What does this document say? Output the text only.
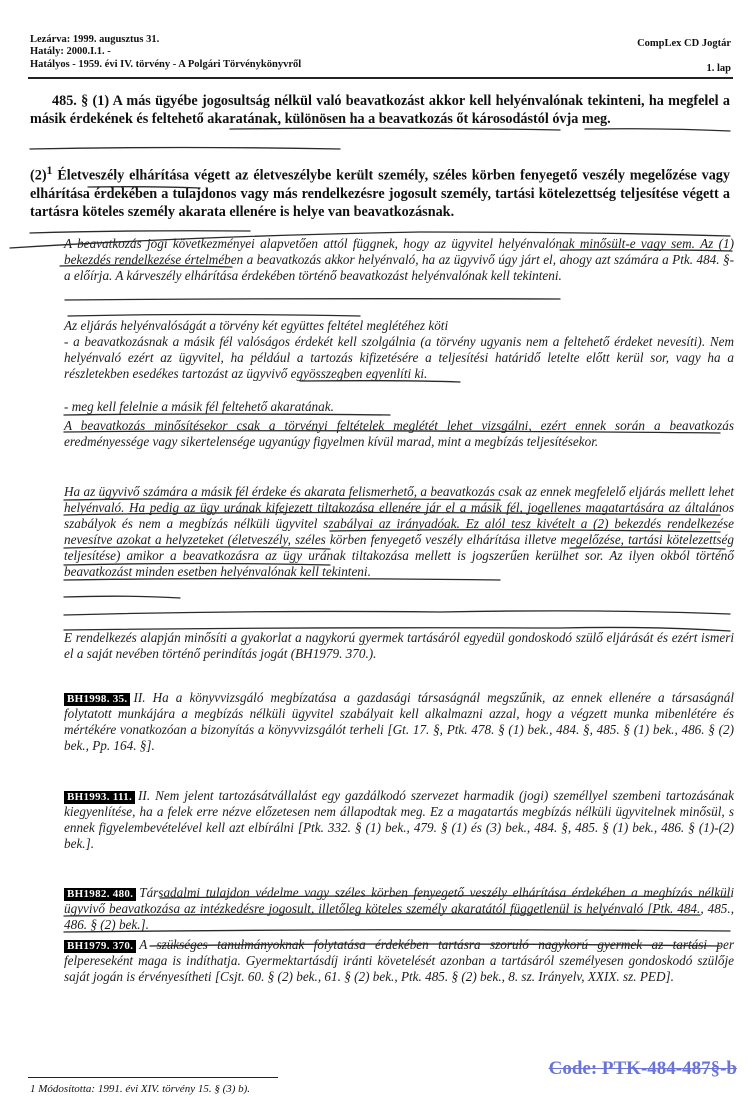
Lezárva: 1999. augusztus 31.
Hatály: 2000.I.1. -
Hatályos - 1959. évi IV. törvény - A Polgári Törvénykönyvről
CompLex CD Jogtár
1. lap
485. § (1) A más ügyébe jogosultság nélkül való beavatkozást akkor kell helyénvalónak tekinteni, ha megfelel a másik érdekének és feltehető akaratának, különösen ha a beavatkozás őt károsodástól óvja meg.
$(2)^1$ Életveszély elhárítása végett az életveszélybe került személy, széles körben fenyegető veszély megelőzése vagy elhárítása érdekében a tulajdonos vagy más rendelkezésre jogosult személy, tartási kötelezettség teljesítése végett a tartásra köteles személy akarata ellenére is helye van beavatkozásnak.
A beavatkozás jogi következményei alapvetően attól függnek, hogy az ügyvitel helyénvalónak minősült-e vagy sem. Az (1) bekezdés rendelkezése értelmében a beavatkozás akkor helyénvaló, ha az ügyvivő úgy járt el, ahogy azt számára a Ptk. 484. §-a előírja. A kárveszély elhárítása érdekében történő beavatkozást helyénvalónak kell tekinteni.
Az eljárás helyénvalóságát a törvény két együttes feltétel meglétéhez köti
- a beavatkozásnak a másik fél valóságos érdekét kell szolgálnia (a törvény ugyanis nem a feltehető érdeket nevesíti). Nem helyénvaló ezért az ügyvitel, ha például a tartozás kifizetésére a teljesítési határidő letelte előtt kerül sor, vagy ha a részletekben esedékes tartozást az ügyvivő egyösszegben egyenlíti ki.
- meg kell felelnie a másik fél feltehető akaratának.
A beavatkozás minősítésekor csak a törvényi feltételek meglétét lehet vizsgálni, ezért ennek során a beavatkozás eredményessége vagy sikertelensége ugyanúgy figyelmen kívül marad, mint a megbízás teljesítésekor.
Ha az ügyvivő számára a másik fél érdeke és akarata felismerhető, a beavatkozás csak az ennek megfelelő eljárás mellett lehet helyénvaló. Ha pedig az ügy urának kifejezett tiltakozása ellenére jár el a másik fél, jogellenes magatartására az általános szabályok és nem a megbízás nélküli ügyvitel szabályai az irányadóak. Ez alól tesz kivételt a (2) bekezdés rendelkezése nevesítve azokat a helyzeteket (életveszély, széles körben fenyegető veszély elhárítása illetve megelőzése, tartási kötelezettség teljesítése) amikor a beavatkozásra az ügy urának tiltakozása mellett is jogszerűen kerülhet sor. Az ilyen okból történő beavatkozást minden esetben helyénvalónak kell tekinteni.
E rendelkezés alapján minősíti a gyakorlat a nagykorú gyermek tartásáról egyedül gondoskodó szülő eljárását és ezért ismeri el a saját nevében történő perindítás jogát (BH1979. 370.).
BH1998. 35. II. Ha a könyvvizsgáló megbízatása a gazdasági társaságnál megszűnik, az ennek ellenére a társaságnál folytatott munkájára a megbízás nélküli ügyvitel szabályait kell alkalmazni azzal, hogy a végzett munka mibenlétére és mértékére vonatkozóan a bizonyítás a könyvvizsgálót terheli [Gt. 17. §, Ptk. 478. § (1) bek., 484. §, 485. § (1) bek., 486. § (2) bek., Pp. 164. §].
BH1993. 111. II. Nem jelent tartozásátvállalást egy gazdálkodó szervezet harmadik (jogi) személlyel szembeni tartozásának kiegyenlítése, ha a felek erre nézve előzetesen nem állapodtak meg. Ez a magatartás megbízás nélküli ügyvitelnek minősül, s ennek figyelembevételével kell azt elbírálni [Ptk. 332. § (1) bek., 479. § (1) és (3) bek., 484. §, 485. § (1) bek., 486. § (1)-(2) bek.].
BH1982. 480. Társadalmi tulajdon védelme vagy széles körben fenyegető veszély elhárítása érdekében a megbízás nélküli ügyvivő beavatkozása az intézkedésre jogosult, illetőleg köteles személy akaratától függetlenül is helyénvaló [Ptk. 484., 485., 486. § (2) bek.].
BH1979. 370. A szükséges tanulmányoknak folytatása érdekében tartásra szoruló nagykorú gyermek az tartási per felpereseként maga is indíthatja. Gyermektartásdíj iránti követelését azonban a tartásáról személyesen gondoskodó szülője saját jogán is érvényesítheti [Csjt. 60. § (2) bek., 61. § (2) bek., Ptk. 485. § (2) bek., 8. sz. Irányelv, XXIX. sz. PED].
1 Módosította: 1991. évi XIV. törvény 15. § (3) b).
Code: PTK-484-487§-b
